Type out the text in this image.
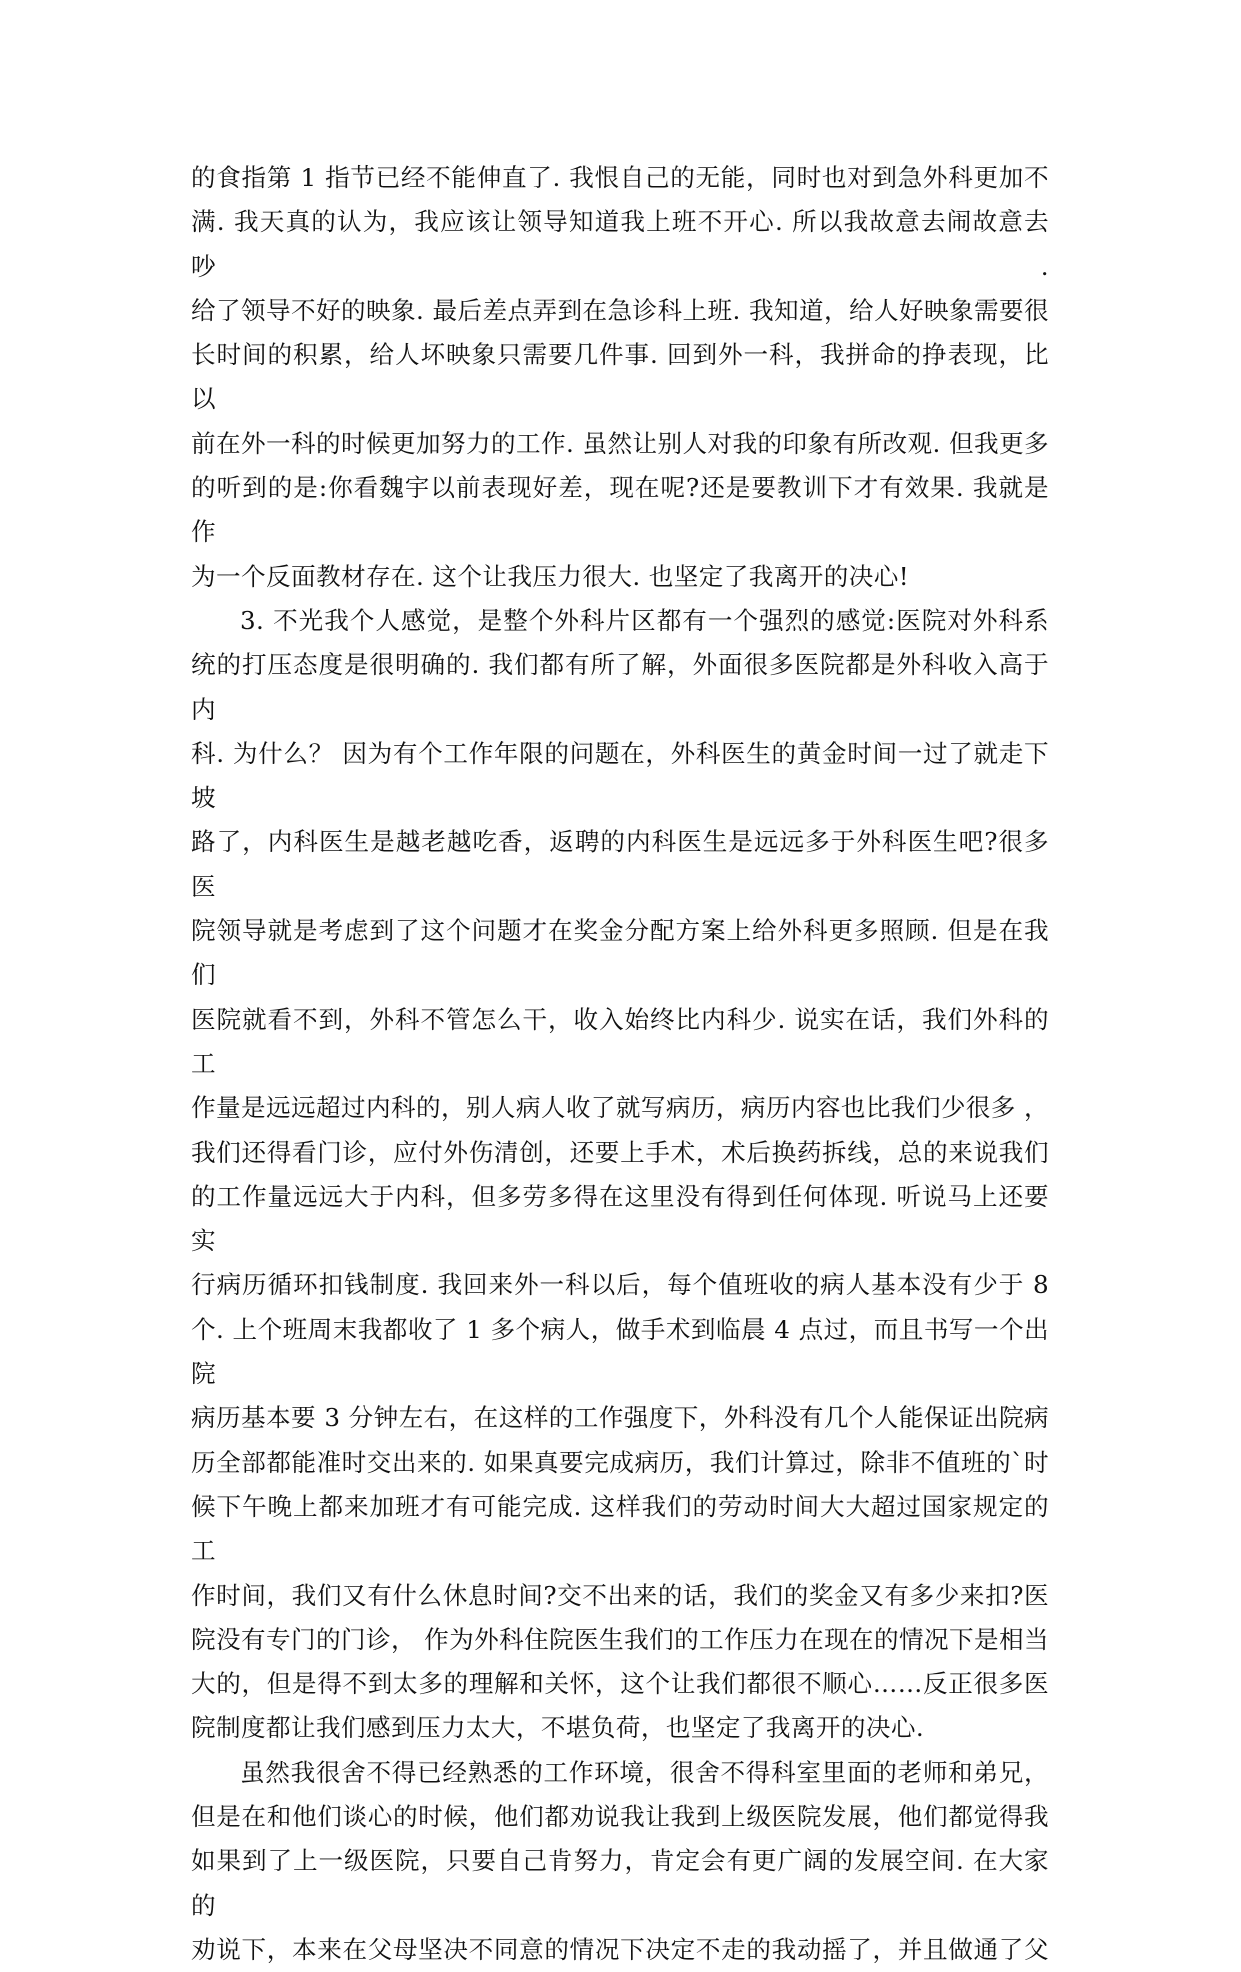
的食指第 1 指节已经不能伸直了. 我恨自己的无能，同时也对到急外科更加不
满. 我天真的认为，我应该让领导知道我上班不开心. 所以我故意去闹故意去吵.
给了领导不好的映象. 最后差点弄到在急诊科上班. 我知道，给人好映象需要很
长时间的积累，给人坏映象只需要几件事. 回到外一科，我拼命的挣表现，比以
前在外一科的时候更加努力的工作. 虽然让别人对我的印象有所改观. 但我更多
的听到的是:你看魏宇以前表现好差，现在呢?还是要教训下才有效果. 我就是作
为一个反面教材存在. 这个让我压力很大. 也坚定了我离开的决心!

3. 不光我个人感觉，是整个外科片区都有一个强烈的感觉:医院对外科系
统的打压态度是很明确的. 我们都有所了解，外面很多医院都是外科收入高于内
科. 为什么？ 因为有个工作年限的问题在，外科医生的黄金时间一过了就走下坡
路了，内科医生是越老越吃香，返聘的内科医生是远远多于外科医生吧?很多医
院领导就是考虑到了这个问题才在奖金分配方案上给外科更多照顾. 但是在我们
医院就看不到，外科不管怎么干，收入始终比内科少. 说实在话，我们外科的工
作量是远远超过内科的，别人病人收了就写病历，病历内容也比我们少很多 ，
我们还得看门诊，应付外伤清创，还要上手术，术后换药拆线，总的来说我们
的工作量远远大于内科，但多劳多得在这里没有得到任何体现. 听说马上还要实
行病历循环扣钱制度. 我回来外一科以后，每个值班收的病人基本没有少于 8
个. 上个班周末我都收了 1 多个病人，做手术到临晨 4 点过，而且书写一个出院
病历基本要 3 分钟左右，在这样的工作强度下，外科没有几个人能保证出院病
历全部都能准时交出来的. 如果真要完成病历，我们计算过，除非不值班的`时
候下午晚上都来加班才有可能完成. 这样我们的劳动时间大大超过国家规定的工
作时间，我们又有什么休息时间?交不出来的话，我们的奖金又有多少来扣?医
院没有专门的门诊， 作为外科住院医生我们的工作压力在现在的情况下是相当
大的，但是得不到太多的理解和关怀，这个让我们都很不顺心……反正很多医
院制度都让我们感到压力太大，不堪负荷，也坚定了我离开的决心.

虽然我很舍不得已经熟悉的工作环境，很舍不得科室里面的老师和弟兄，
但是在和他们谈心的时候，他们都劝说我让我到上级医院发展，他们都觉得我
如果到了上一级医院，只要自己肯努力，肯定会有更广阔的发展空间. 在大家的
劝说下，本来在父母坚决不同意的情况下决定不走的我动摇了，并且做通了父
